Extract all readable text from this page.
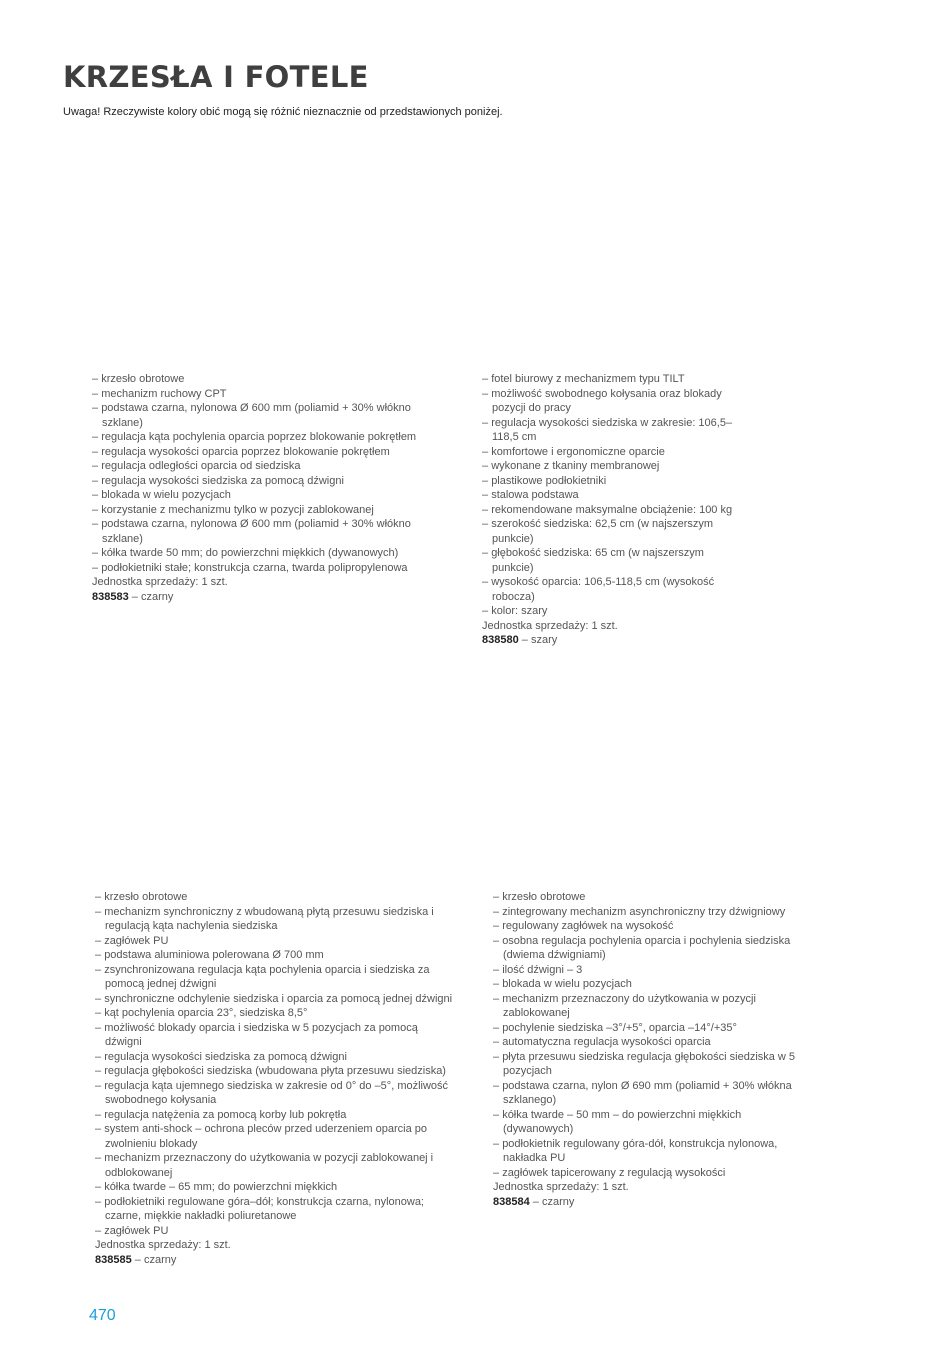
KRZESŁA I FOTELE
Uwaga! Rzeczywiste kolory obić mogą się różnić nieznacznie od przedstawionych poniżej.
– krzesło obrotowe
– mechanizm ruchowy CPT
– podstawa czarna, nylonowa Ø 600 mm (poliamid + 30% włókno szklane)
– regulacja kąta pochylenia oparcia poprzez blokowanie pokrętłem
– regulacja wysokości oparcia poprzez blokowanie pokrętłem
– regulacja odległości oparcia od siedziska
– regulacja wysokości siedziska za pomocą dźwigni
– blokada w wielu pozycjach
– korzystanie z mechanizmu tylko w pozycji zablokowanej
– podstawa czarna, nylonowa Ø 600 mm (poliamid + 30% włókno szklane)
– kółka twarde 50 mm; do powierzchni miękkich (dywanowych)
– podłokietniki stałe; konstrukcja czarna, twarda polipropylenowa
Jednostka sprzedaży: 1 szt.
838583 – czarny
– fotel biurowy z mechanizmem typu TILT
– możliwość swobodnego kołysania oraz blokady pozycji do pracy
– regulacja wysokości siedziska w zakresie: 106,5–118,5 cm
– komfortowe i ergonomiczne oparcie
– wykonane z tkaniny membranowej
– plastikowe podłokietniki
– stalowa podstawa
– rekomendowane maksymalne obciążenie: 100 kg
– szerokość siedziska: 62,5 cm (w najszerszym punkcie)
– głębokość siedziska: 65 cm (w najszerszym punkcie)
– wysokość oparcia: 106,5-118,5 cm (wysokość robocza)
– kolor: szary
Jednostka sprzedaży: 1 szt.
838580 – szary
– krzesło obrotowe
– mechanizm synchroniczny z wbudowaną płytą przesuwu siedziska i regulacją kąta nachylenia siedziska
– zagłówek PU
– podstawa aluminiowa polerowana Ø 700 mm
– zsynchronizowana regulacja kąta pochylenia oparcia i siedziska za pomocą jednej dźwigni
– synchroniczne odchylenie siedziska i oparcia za pomocą jednej dźwigni
– kąt pochylenia oparcia 23°, siedziska 8,5°
– możliwość blokady oparcia i siedziska w 5 pozycjach za pomocą dźwigni
– regulacja wysokości siedziska za pomocą dźwigni
– regulacja głębokości siedziska (wbudowana płyta przesuwu siedziska)
– regulacja kąta ujemnego siedziska w zakresie od 0° do –5°, możliwość swobodnego kołysania
– regulacja natężenia za pomocą korby lub pokrętła
– system anti-shock – ochrona pleców przed uderzeniem oparcia po zwolnieniu blokady
– mechanizm przeznaczony do użytkowania w pozycji zablokowanej i odblokowanej
– kółka twarde – 65 mm; do powierzchni miękkich
– podłokietniki regulowane góra–dół; konstrukcja czarna, nylonowa; czarne, miękkie nakładki poliuretanowe
– zagłówek PU
Jednostka sprzedaży: 1 szt.
838585 – czarny
– krzesło obrotowe
– zintegrowany mechanizm asynchroniczny trzy dźwigniowy
– regulowany zagłówek na wysokość
– osobna regulacja pochylenia oparcia i pochylenia siedziska (dwiema dźwigniami)
– ilość dźwigni – 3
– blokada w wielu pozycjach
– mechanizm przeznaczony do użytkowania w pozycji zablokowanej
– pochylenie siedziska –3°/+5°, oparcia –14°/+35°
– automatyczna regulacja wysokości oparcia
– płyta przesuwu siedziska regulacja głębokości siedziska w 5 pozycjach
– podstawa czarna, nylon Ø 690 mm (poliamid + 30% włókna szklanego)
– kółka twarde – 50 mm – do powierzchni miękkich (dywanowych)
– podłokietnik regulowany góra-dół, konstrukcja nylonowa, nakładka PU
– zagłówek tapicerowany z regulacją wysokości
Jednostka sprzedaży: 1 szt.
838584 – czarny
470
